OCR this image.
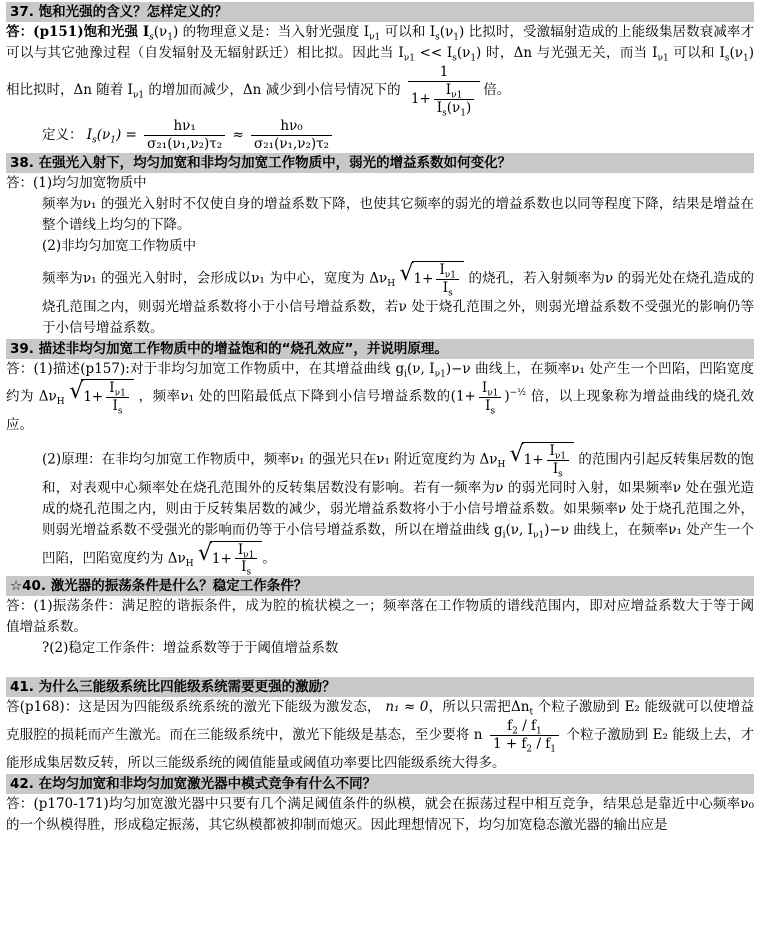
37. 饱和光强的含义？怎样定义的？

答：(p151)饱和光强 $I_s(\nu_1)$ 的物理意义是：当入射光强度 $I_{\nu 1}$ 可以和 $I_s(\nu_1)$ 比拟时，受激辐射造成的上能级集居数衰减率才可以与其它弛豫过程（自发辐射及无辐射跃迁）相比拟。因此当 $I_{\nu 1} << I_s(\nu_1)$ 时，Δn 与光强无关，而当 $I_{\nu 1}$ 可以和 $I_s(\nu_1)$ 相比拟时，Δn 随着 $I_{\nu 1}$ 的增加而减少，Δn 减少到小信号情况下的 $\frac{1}{1+ \frac{I_{\nu 1}}{I_s(\nu_1)}}$ 倍。

定义： $I_s(\nu_1) = \frac{\text{hν₁}}{\text{σ₂₁(ν₁,ν₂)τ₂}} \approx \frac{\text{hν₀}}{\text{σ₂₁(ν₁,ν₂)τ₂}}$

38. 在强光入射下，均匀加宽和非均匀加宽工作物质中，弱光的增益系数如何变化？

答：(1)均匀加宽物质中

频率为ν₁ 的强光入射时不仅使自身的增益系数下降，也使其它频率的弱光的增益系数也以同等程度下降，结果是增益在整个谱线上均匀的下降。

(2)非均匀加宽工作物质中

频率为ν₁ 的强光入射时，会形成以ν₁ 为中心，宽度为 $\Delta\nu_H$ √ $1+ \frac{I_{\nu 1}}{I_s}$ 的烧孔，若入射频率为ν 的弱光处在烧孔造成的烧孔范围之内，则弱光增益系数将小于小信号增益系数，若ν 处于烧孔范围之外，则弱光增益系数不受强光的影响仍等于小信号增益系数。

39. 描述非均匀加宽工作物质中的增益饱和的“烧孔效应”，并说明原理。

答：(1)描述(p157):对于非均匀加宽工作物质中，在其增益曲线 $g_i(\nu$, $I_{\nu 1})-\nu$ 曲线上，在频率ν₁ 处产生一个凹陷，凹陷宽度约为 $\Delta\nu_H$ √ $1+ \frac{I_{\nu 1}}{I_s}$ ，频率ν₁ 处的凹陷最低点下降到小信号增益系数的$(1+ \frac{I_{\nu 1}}{I_s} )^{-\frac{1}{2}}$ 倍，以上现象称为增益曲线的烧孔效应。

(2)原理：在非均匀加宽工作物质中，频率ν₁ 的强光只在ν₁ 附近宽度约为 $\Delta\nu_H$ √ $1+ \frac{I_{\nu 1}}{I_s}$ 的范围内引起反转集居数的饱和，对表观中心频率处在烧孔范围外的反转集居数没有影响。若有一频率为ν 的弱光同时入射，如果频率ν 处在强光造成的烧孔范围之内，则由于反转集居数的减少，弱光增益系数将小于小信号增益系数。如果频率ν 处于烧孔范围之外，则弱光增益系数不受强光的影响而仍等于小信号增益系数，所以在增益曲线 $g_i(\nu$, $I_{\nu 1})-\nu$ 曲线上，在频率ν₁ 处产生一个凹陷，凹陷宽度约为 $\Delta\nu_H$ √ $1+ \frac{I_{\nu 1}}{I_s}$ 。

☆40. 激光器的振荡条件是什么？稳定工作条件？

答：(1)振荡条件：满足腔的谐振条件，成为腔的梳状模之一；频率落在工作物质的谱线范围内，即对应增益系数大于等于阈值增益系数。

?(2)稳定工作条件：增益系数等于于阈值增益系数

41. 为什么三能级系统比四能级系统需要更强的激励？

答(p168)：这是因为四能级系统系统的激光下能级为激发态， n₁ ≈ 0，所以只需把$\Delta n_t$ 个粒子激励到 E₂ 能级就可以使增益克服腔的损耗而产生激光。而在三能级系统中，激光下能级是基态，至少要将 n $\frac{f_2 / f_1}{1 + f_2 / f_1}$ 个粒子激励到 E₂ 能级上去，才能形成集居数反转，所以三能级系统的阈值能量或阈值功率要比四能级系统大得多。

42. 在均匀加宽和非均匀加宽激光器中模式竞争有什么不同？

答：(p170-171)均匀加宽激光器中只要有几个满足阈值条件的纵模，就会在振荡过程中相互竞争，结果总是靠近中心频率ν₀ 的一个纵模得胜，形成稳定振荡，其它纵模都被抑制而熄灭。因此理想情况下，均匀加宽稳态激光器的输出应是
